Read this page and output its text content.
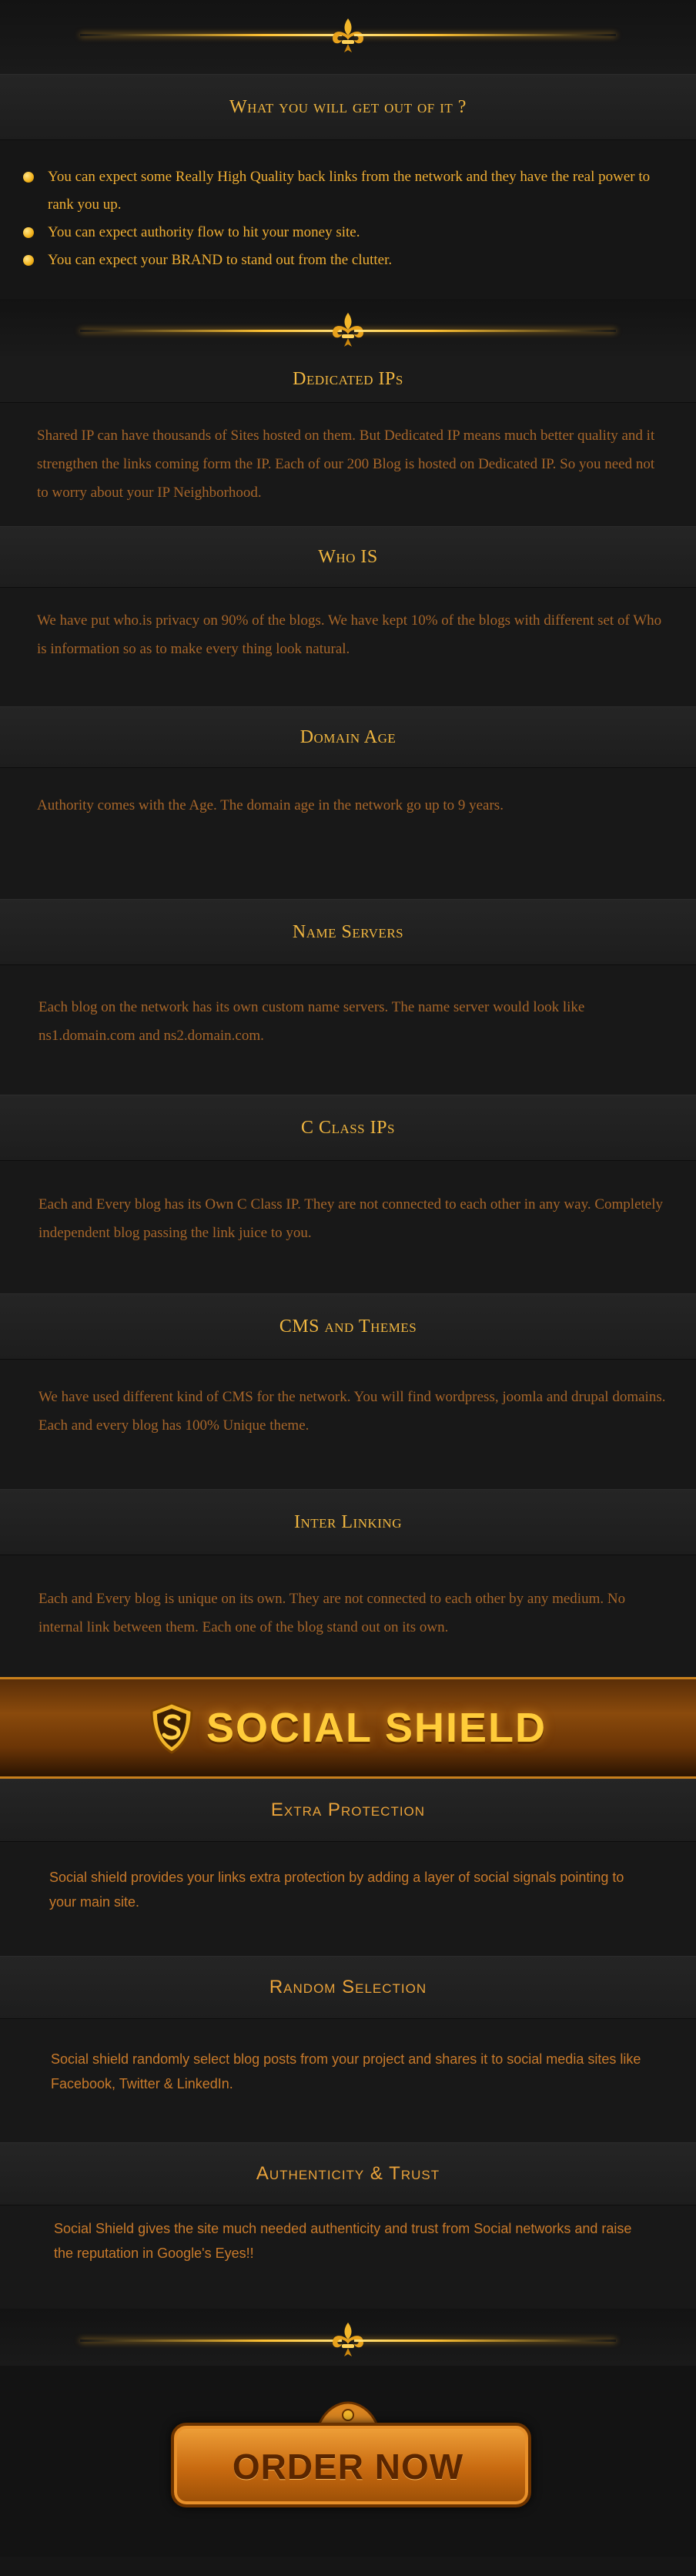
What you will get out of it ?
You can expect some Really High Quality back links from the network and they have the real power to rank you up.
You can expect authority flow to hit your money site.
You can expect your BRAND to stand out from the clutter.
Dedicated IPs

Shared IP can have thousands of Sites hosted on them. But Dedicated IP means much better quality and it strengthen the links coming form the IP. Each of our 200 Blog is hosted on Dedicated IP. So you need not to worry about your IP Neighborhood.

Who IS

We have put who.is privacy on 90% of the blogs. We have kept 10% of the blogs with different set of Who is information so as to make every thing look natural.

Domain Age

Authority comes with the Age. The domain age in the network go up to 9 years.

Name Servers

Each blog on the network has its own custom name servers. The name server would look like ns1.domain.com and ns2.domain.com.

C Class IPs

Each and Every blog has its Own C Class IP. They are not connected to each other in any way. Completely independent blog passing the link juice to you.

CMS and Themes

We have used different kind of CMS for the network. You will find wordpress, joomla and drupal domains. Each and every blog has 100% Unique theme.

Inter Linking

Each and Every blog is unique on its own. They are not connected to each other by any medium. No internal link between them. Each one of the blog stand out on its own.

SOCIAL SHIELD
Extra Protection

Social shield provides your links extra protection by adding a layer of social signals pointing to your main site.

Random Selection

Social shield randomly select blog posts from your project and shares it to social media sites like Facebook, Twitter & LinkedIn.

Authenticity & Trust

Social Shield gives the site much needed authenticity and trust from Social networks and raise the reputation in Google's Eyes!!

ORDER NOW
